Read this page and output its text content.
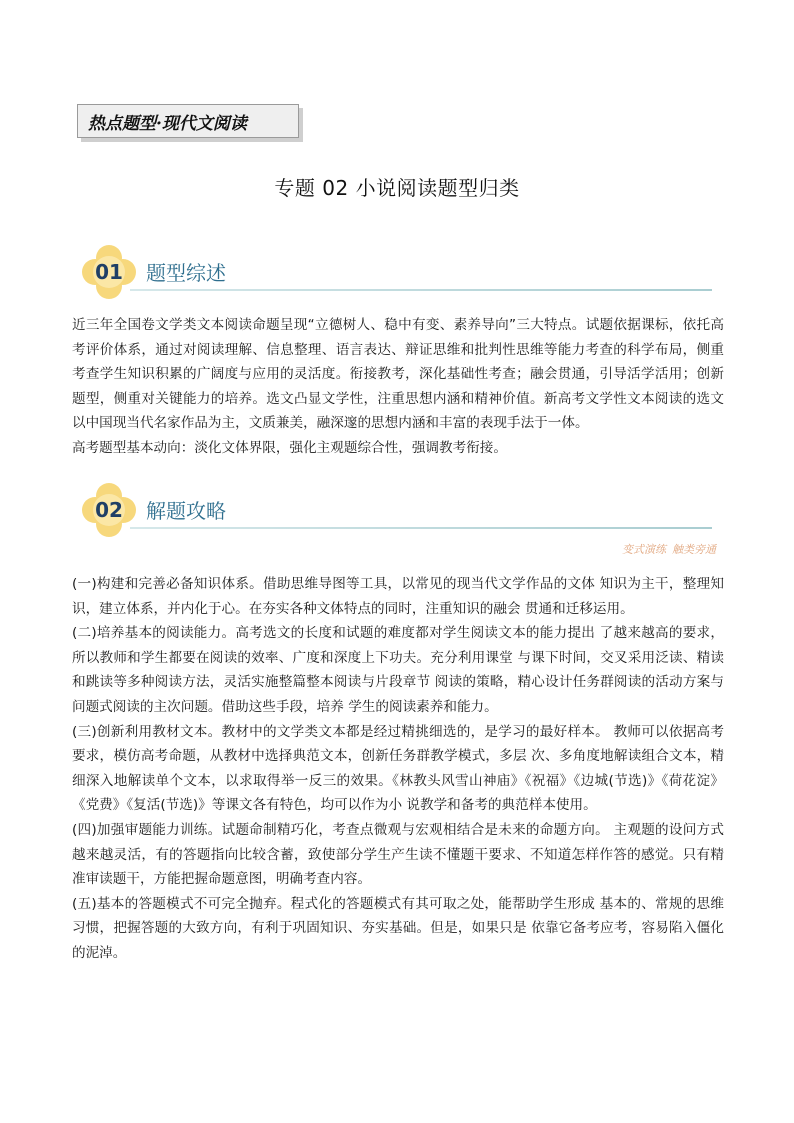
热点题型·现代文阅读
专题 02 小说阅读题型归类
01	题型综述

近三年全国卷文学类文本阅读命题呈现“立德树人、稳中有变、素养导向”三大特点。试题依据课标，依托高考评价体系，通过对阅读理解、信息整理、语言表达、辩证思维和批判性思维等能力考查的科学布局，侧重考查学生知识积累的广阔度与应用的灵活度。衔接教考，深化基础性考查；融会贯通，引导活学活用；创新题型，侧重对关键能力的培养。选文凸显文学性，注重思想内涵和精神价值。新高考文学性文本阅读的选文以中国现当代名家作品为主，文质兼美，融深邃的思想内涵和丰富的表现手法于一体。

高考题型基本动向：淡化文体界限，强化主观题综合性，强调教考衔接。

02	解题攻略
变式演练 触类旁通

(一)构建和完善必备知识体系。借助思维导图等工具，以常见的现当代文学作品的文体 知识为主干，整理知识，建立体系，并内化于心。在夯实各种文体特点的同时，注重知识的融会 贯通和迁移运用。

(二)培养基本的阅读能力。高考选文的长度和试题的难度都对学生阅读文本的能力提出 了越来越高的要求，所以教师和学生都要在阅读的效率、广度和深度上下功夫。充分利用课堂 与课下时间，交叉采用泛读、精读和跳读等多种阅读方法，灵活实施整篇整本阅读与片段章节 阅读的策略，精心设计任务群阅读的活动方案与问题式阅读的主次问题。借助这些手段，培养 学生的阅读素养和能力。

(三)创新利用教材文本。教材中的文学类文本都是经过精挑细选的，是学习的最好样本。 教师可以依据高考要求，模仿高考命题，从教材中选择典范文本，创新任务群教学模式，多层 次、多角度地解读组合文本，精细深入地解读单个文本，以求取得举一反三的效果。《林教头风雪山神庙》《祝福》《边城(节选)》《荷花淀》《党费》《复活(节选)》等课文各有特色，均可以作为小 说教学和备考的典范样本使用。

(四)加强审题能力训练。试题命制精巧化，考查点微观与宏观相结合是未来的命题方向。 主观题的设问方式越来越灵活，有的答题指向比较含蓄，致使部分学生产生读不懂题干要求、不知道怎样作答的感觉。只有精准审读题干，方能把握命题意图，明确考查内容。

(五)基本的答题模式不可完全抛弃。程式化的答题模式有其可取之处，能帮助学生形成 基本的、常规的思维习惯，把握答题的大致方向，有利于巩固知识、夯实基础。但是，如果只是 依靠它备考应考，容易陷入僵化的泥淖。
